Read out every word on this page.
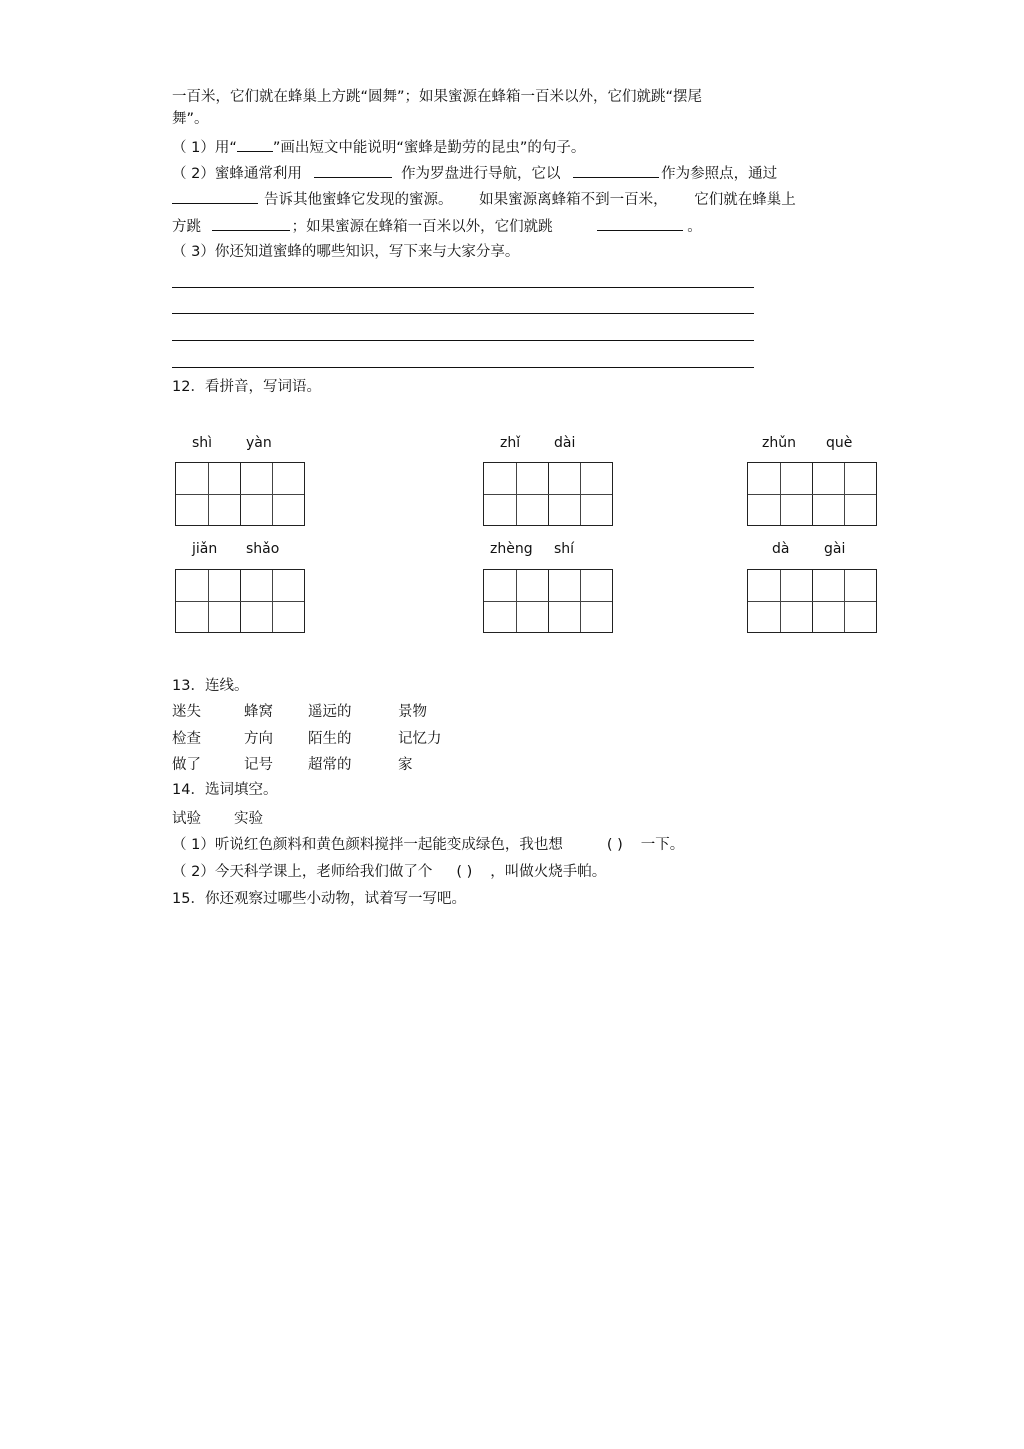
一百米，它们就在蜂巢上方跳“圆舞”；如果蜜源在蜂箱一百米以外，它们就跳“摆尾
舞”。
（ 1）用“ ”画出短文中能说明“蜜蜂是勤劳的昆虫”的句子。
（ 2）蜜蜂通常利用	作为罗盘进行导航，它以	作为参照点，通过
告诉其他蜜蜂它发现的蜜源。 如果蜜源离蜂箱不到一百米， 它们就在蜂巢上
方跳	；如果蜜源在蜂箱一百米以外，它们就跳	。
（ 3）你还知道蜜蜂的哪些知识，写下来与大家分享。
12．看拼音，写词语。
shì yàn	zhǐ dài	zhǔn què
jiǎn shǎo	zhèng shí	dà gài
13．连线。
迷失	蜂窝 遥远的	景物
检查	方向 陌生的	记忆力
做了	记号 超常的	家
14．选词填空。
试验 实验
（ 1）听说红色颜料和黄色颜料搅拌一起能变成绿色，我也想	( ) 一下。
（ 2）今天科学课上，老师给我们做了个 ( ) ，叫做火烧手帕。
15．你还观察过哪些小动物，试着写一写吧。
